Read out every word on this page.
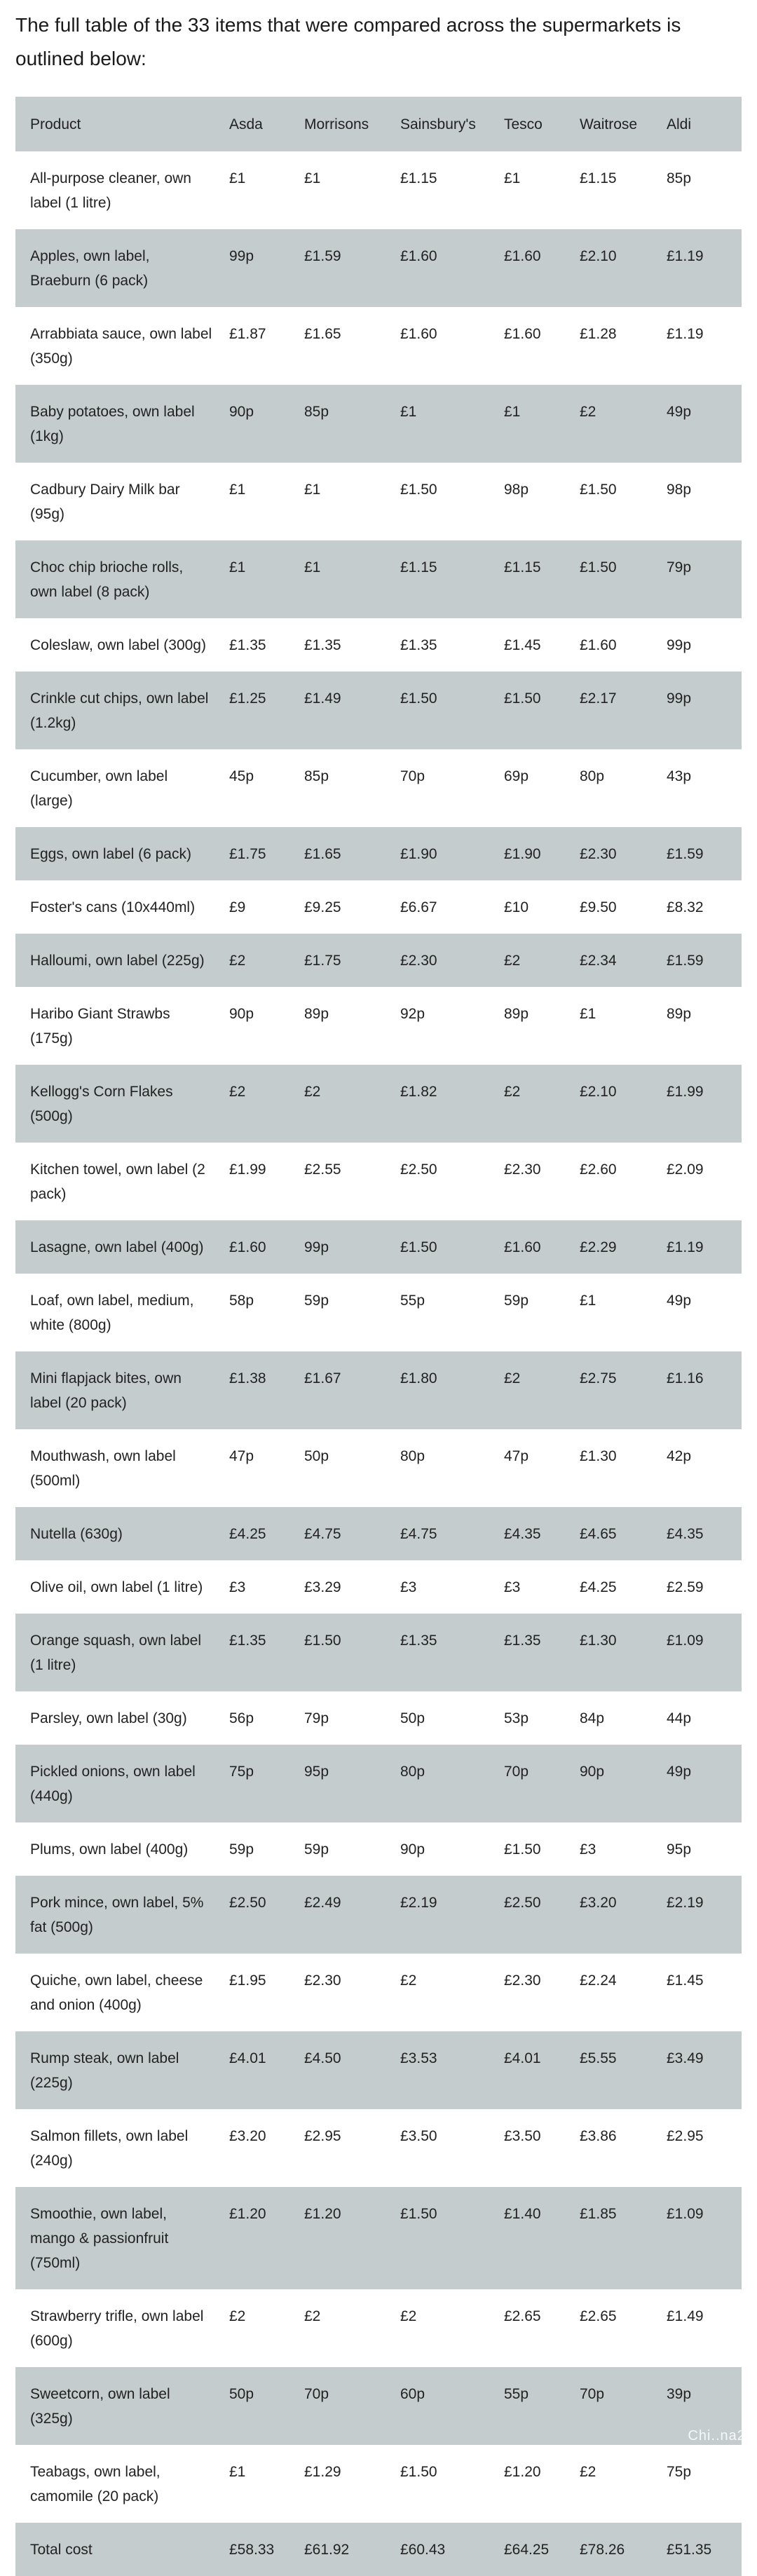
The full table of the 33 items that were compared across the supermarkets is outlined below:

Product	Asda	Morrisons	Sainsbury's	Tesco	Waitrose	Aldi
All-purpose cleaner, own label (1 litre)	£1	£1	£1.15	£1	£1.15	85p
Apples, own label, Braeburn (6 pack)	99p	£1.59	£1.60	£1.60	£2.10	£1.19
Arrabbiata sauce, own label (350g)	£1.87	£1.65	£1.60	£1.60	£1.28	£1.19
Baby potatoes, own label (1kg)	90p	85p	£1	£1	£2	49p
Cadbury Dairy Milk bar (95g)	£1	£1	£1.50	98p	£1.50	98p
Choc chip brioche rolls, own label (8 pack)	£1	£1	£1.15	£1.15	£1.50	79p
Coleslaw, own label (300g)	£1.35	£1.35	£1.35	£1.45	£1.60	99p
Crinkle cut chips, own label (1.2kg)	£1.25	£1.49	£1.50	£1.50	£2.17	99p
Cucumber, own label (large)	45p	85p	70p	69p	80p	43p
Eggs, own label (6 pack)	£1.75	£1.65	£1.90	£1.90	£2.30	£1.59
Foster's cans (10x440ml)	£9	£9.25	£6.67	£10	£9.50	£8.32
Halloumi, own label (225g)	£2	£1.75	£2.30	£2	£2.34	£1.59
Haribo Giant Strawbs (175g)	90p	89p	92p	89p	£1	89p
Kellogg's Corn Flakes (500g)	£2	£2	£1.82	£2	£2.10	£1.99
Kitchen towel, own label (2 pack)	£1.99	£2.55	£2.50	£2.30	£2.60	£2.09
Lasagne, own label (400g)	£1.60	99p	£1.50	£1.60	£2.29	£1.19
Loaf, own label, medium, white (800g)	58p	59p	55p	59p	£1	49p
Mini flapjack bites, own label (20 pack)	£1.38	£1.67	£1.80	£2	£2.75	£1.16
Mouthwash, own label (500ml)	47p	50p	80p	47p	£1.30	42p
Nutella (630g)	£4.25	£4.75	£4.75	£4.35	£4.65	£4.35
Olive oil, own label (1 litre)	£3	£3.29	£3	£3	£4.25	£2.59
Orange squash, own label (1 litre)	£1.35	£1.50	£1.35	£1.35	£1.30	£1.09
Parsley, own label (30g)	56p	79p	50p	53p	84p	44p
Pickled onions, own label (440g)	75p	95p	80p	70p	90p	49p
Plums, own label (400g)	59p	59p	90p	£1.50	£3	95p
Pork mince, own label, 5% fat (500g)	£2.50	£2.49	£2.19	£2.50	£3.20	£2.19
Quiche, own label, cheese and onion (400g)	£1.95	£2.30	£2	£2.30	£2.24	£1.45
Rump steak, own label (225g)	£4.01	£4.50	£3.53	£4.01	£5.55	£3.49
Salmon fillets, own label (240g)	£3.20	£2.95	£3.50	£3.50	£3.86	£2.95
Smoothie, own label, mango & passionfruit (750ml)	£1.20	£1.20	£1.50	£1.40	£1.85	£1.09
Strawberry trifle, own label (600g)	£2	£2	£2	£2.65	£2.65	£1.49
Sweetcorn, own label (325g)	50p	70p	60p	55p	70p	39p
Teabags, own label, camomile (20 pack)	£1	£1.29	£1.50	£1.20	£2	75p
Total cost	£58.33	£61.92	£60.43	£64.25	£78.26	£51.35
Chi..na2u
